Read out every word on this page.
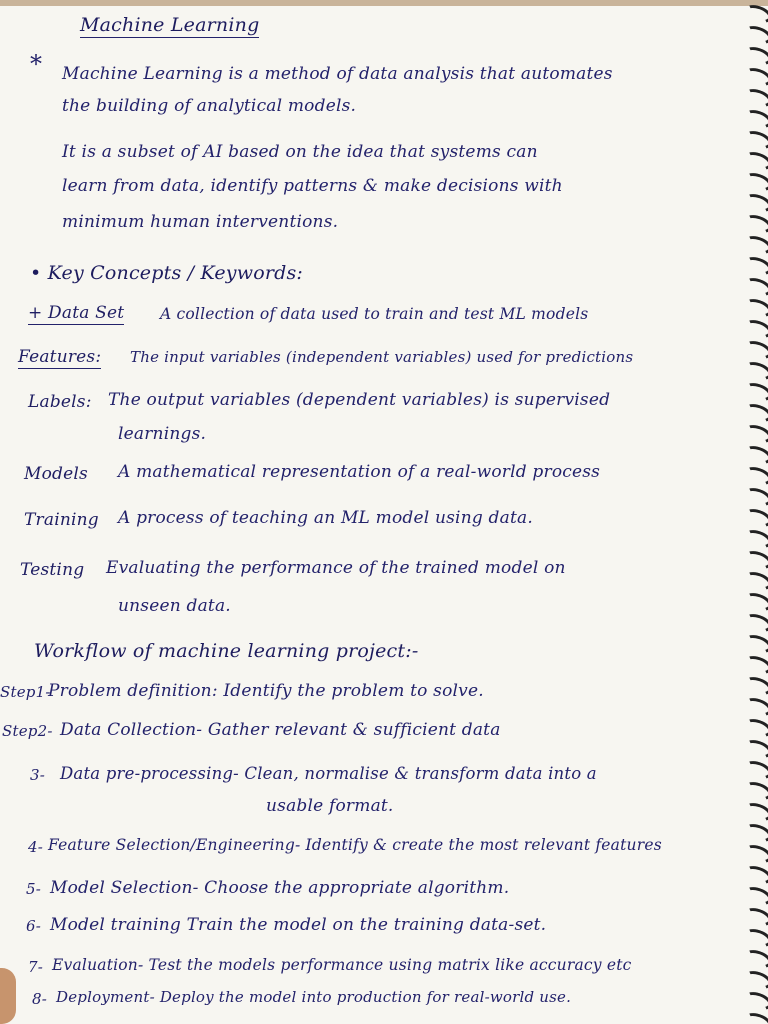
Machine Learning
* Machine Learning is a method of data analysis that automates
the building of analytical models.
It is a subset of AI based on the idea that systems can
learn from data, identify patterns & make decisions with
minimum human interventions.
• Key Concepts / Keywords:
+ Data Set A collection of data used to train and test ML models
Features: The input variables (independent variables) used for predictions
Labels: The output variables (dependent variables) is supervised
learnings.
Models A mathematical representation of a real-world process
Training A process of teaching an ML model using data.
Testing Evaluating the performance of the trained model on
unseen data.
Workflow of machine learning project:-
Step1-
Problem definition: Identify the problem to solve.
Step2- Data Collection- Gather relevant & sufficient data
3- Data pre-processing- Clean, normalise & transform data into a
usable format.
4- Feature Selection/Engineering- Identify & create the most relevant features
5- Model Selection- Choose the appropriate algorithm.
6- Model training Train the model on the training data-set.
7- Evaluation- Test the models performance using matrix like accuracy etc
8- Deployment- Deploy the model into production for real-world use.
